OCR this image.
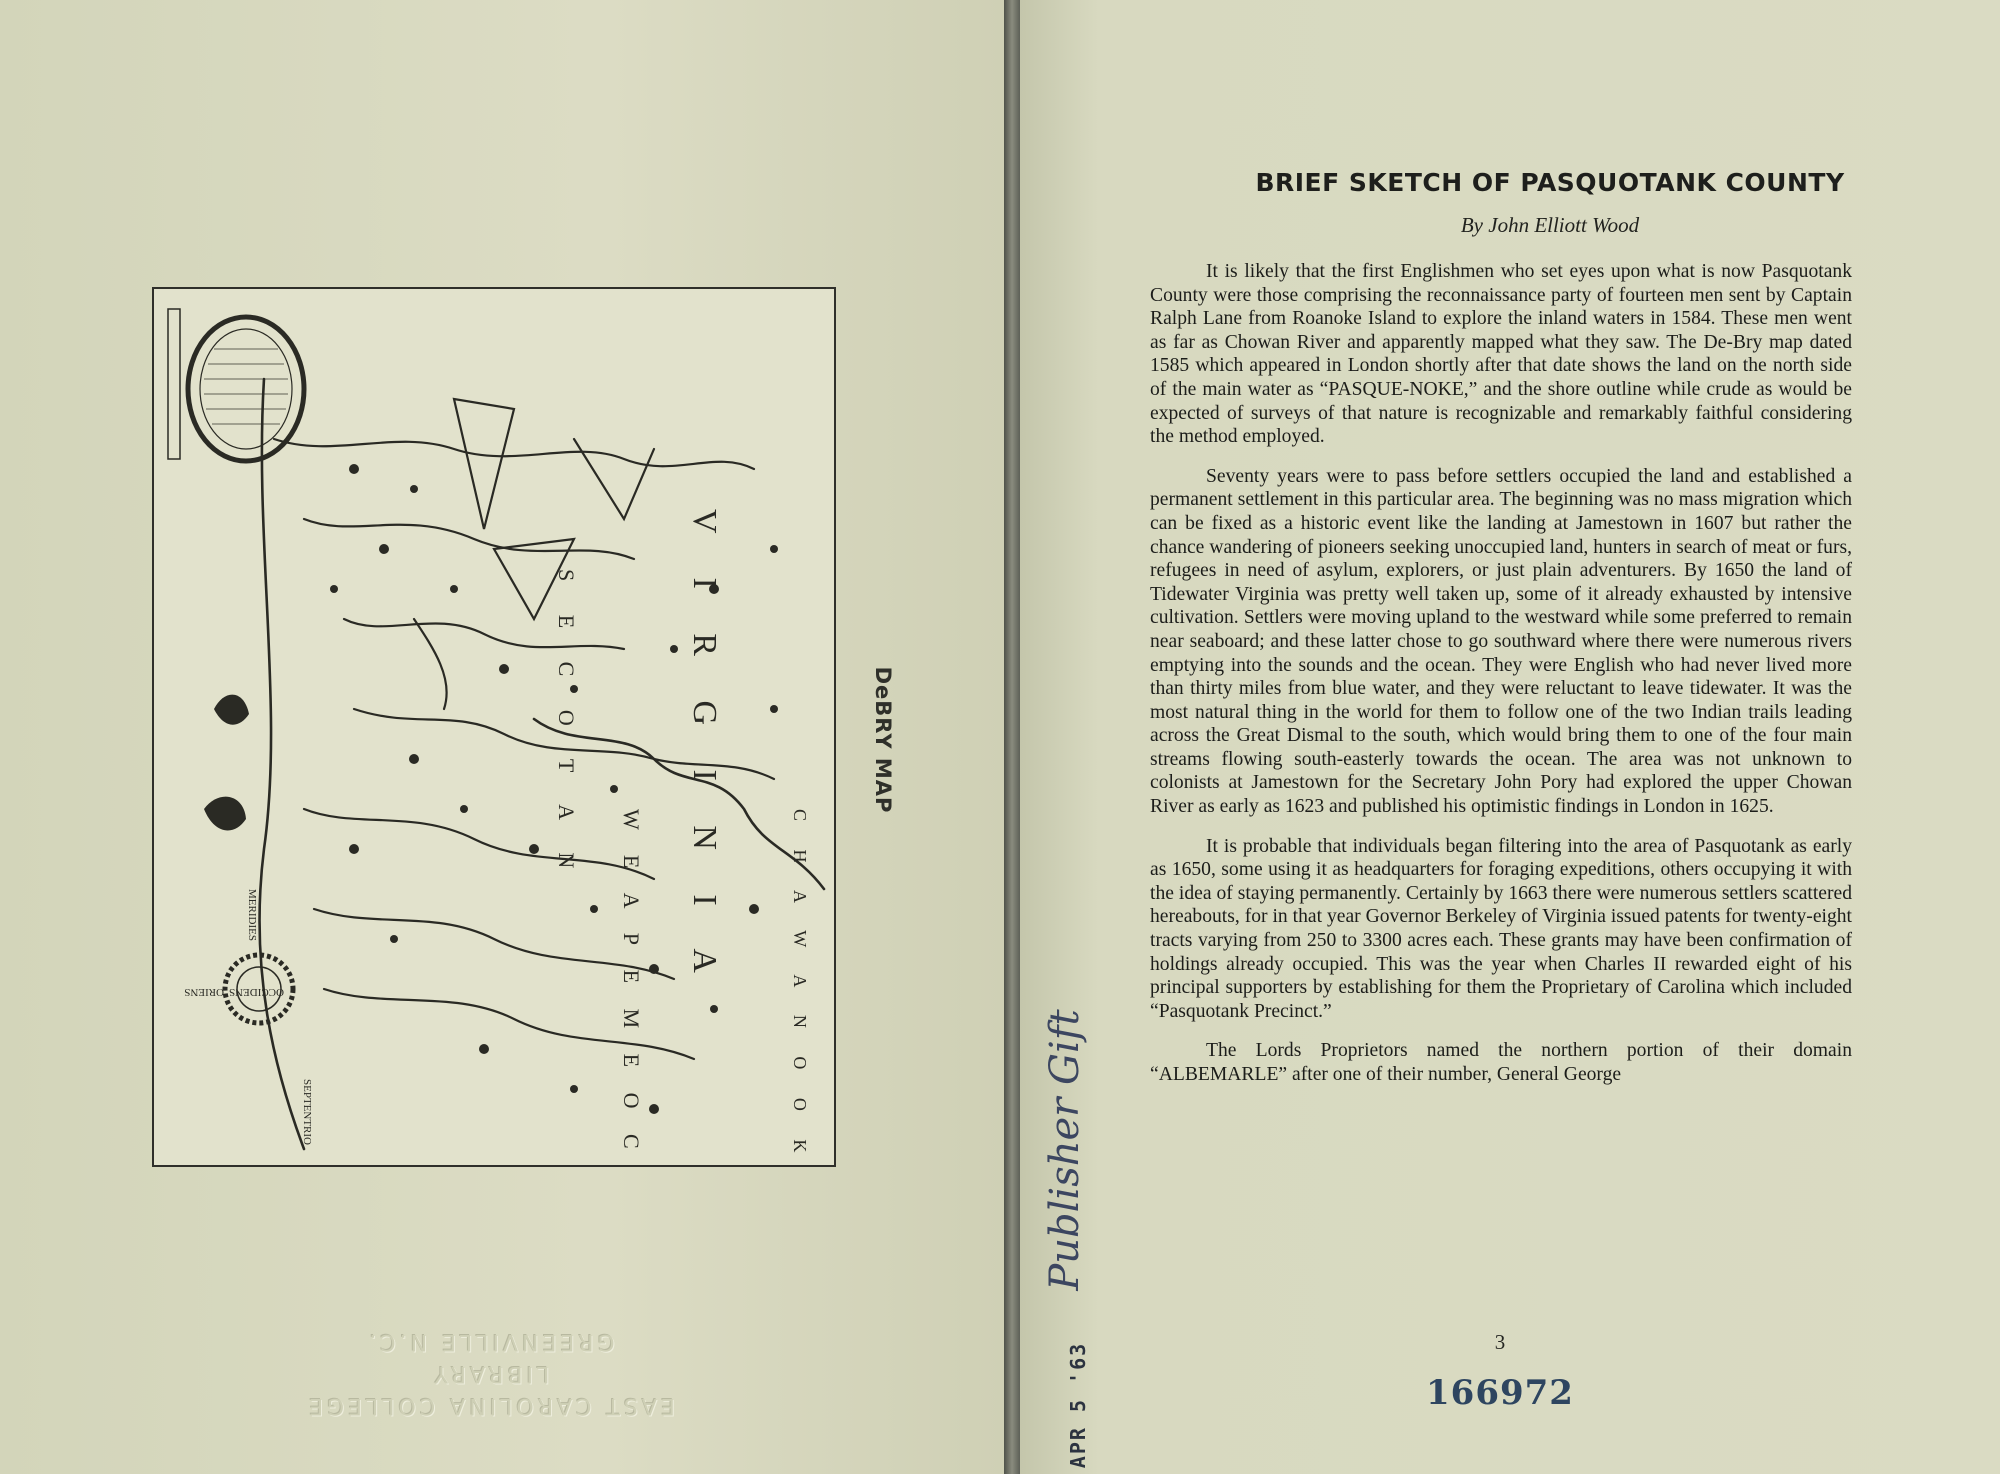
V I R G I N I A
S E C O T A N
W E A P E M E O C	C H A W A N O O K
SEPTENTRIO
OCCIDENS
ORIENS
MERIDIES
DeBRY MAP
EAST CAROLINA COLLEGE
LIBRARY
GREENVILLE N.C.
Publisher Gift
APR 5 '63
BRIEF SKETCH OF PASQUOTANK COUNTY
By John Elliott Wood

It is likely that the first Englishmen who set eyes upon what is now Pasquotank County were those comprising the reconnaissance party of fourteen men sent by Captain Ralph Lane from Roanoke Island to explore the inland waters in 1584. These men went as far as Chowan River and apparently mapped what they saw. The De-Bry map dated 1585 which appeared in London shortly after that date shows the land on the north side of the main water as “PASQUE-NOKE,” and the shore outline while crude as would be expected of surveys of that nature is recognizable and remarkably faithful considering the method employed.

Seventy years were to pass before settlers occupied the land and established a permanent settlement in this particular area. The beginning was no mass migration which can be fixed as a historic event like the landing at Jamestown in 1607 but rather the chance wandering of pioneers seeking unoccupied land, hunters in search of meat or furs, refugees in need of asylum, explorers, or just plain adventurers. By 1650 the land of Tidewater Virginia was pretty well taken up, some of it already exhausted by intensive cultivation. Settlers were moving upland to the westward while some preferred to remain near seaboard; and these latter chose to go southward where there were numerous rivers emptying into the sounds and the ocean. They were English who had never lived more than thirty miles from blue water, and they were reluctant to leave tidewater. It was the most natural thing in the world for them to follow one of the two Indian trails leading across the Great Dismal to the south, which would bring them to one of the four main streams flowing south-easterly towards the ocean. The area was not unknown to colonists at Jamestown for the Secretary John Pory had explored the upper Chowan River as early as 1623 and published his optimistic findings in London in 1625.

It is probable that individuals began filtering into the area of Pasquotank as early as 1650, some using it as headquarters for foraging expeditions, others occupying it with the idea of staying permanently. Certainly by 1663 there were numerous settlers scattered hereabouts, for in that year Governor Berkeley of Virginia issued patents for twenty-eight tracts varying from 250 to 3300 acres each. These grants may have been confirmation of holdings already occupied. This was the year when Charles II rewarded eight of his principal supporters by establishing for them the Proprietary of Carolina which included “Pasquotank Precinct.”

The Lords Proprietors named the northern portion of their domain “ALBEMARLE” after one of their number, General George

3
166972
